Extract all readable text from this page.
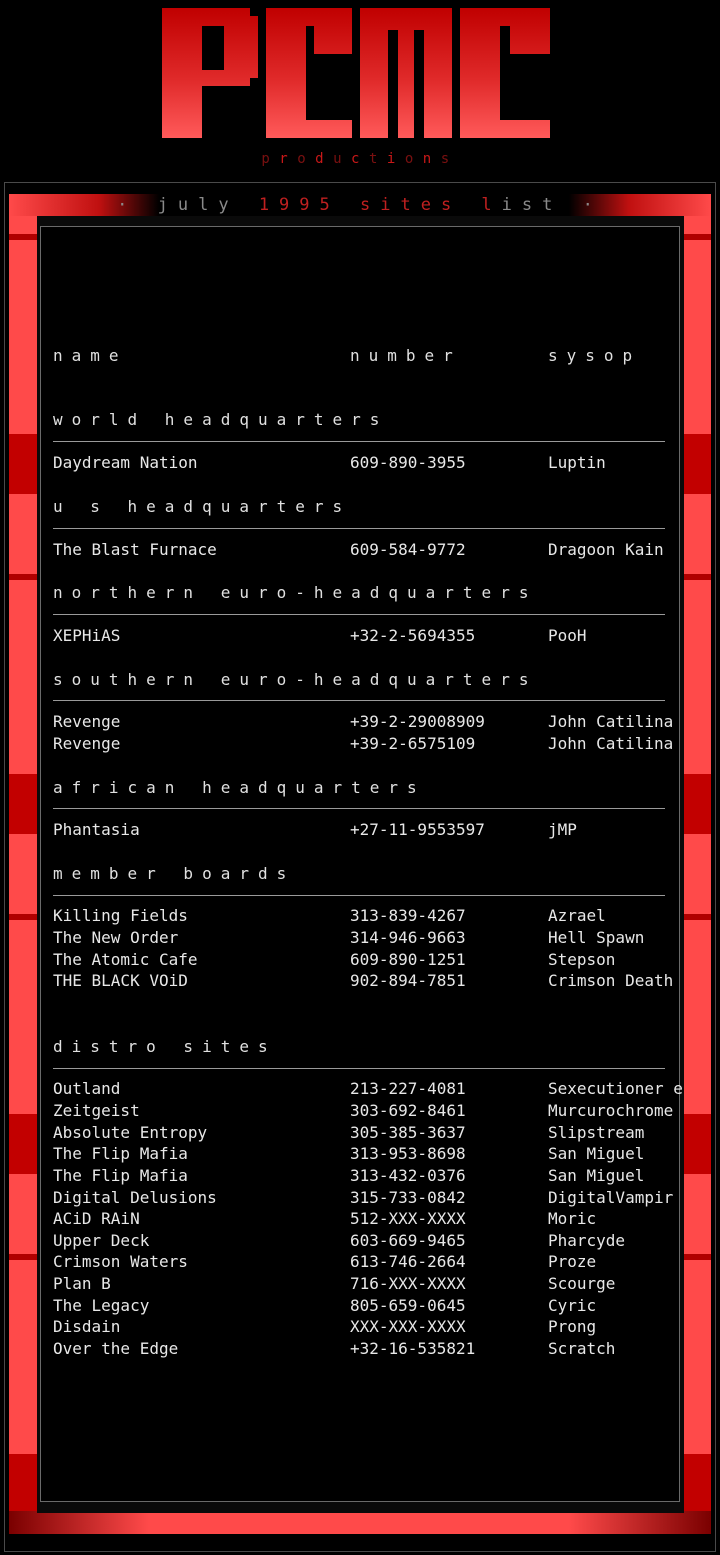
productions
· july 1995 sites list ·
name	number	sysop
world headquarters
Daydream Nation	609-890-3955	Luptin
u s headquarters
The Blast Furnace	609-584-9772	Dragoon Kain
northern euro-headquarters
XEPHiAS	+32-2-5694355	PooH
southern euro-headquarters
Revenge	+39-2-29008909	John Catilina
Revenge	+39-2-6575109	John Catilina
african headquarters
Phantasia	+27-11-9553597	jMP
member boards
Killing Fields	313-839-4267	Azrael
The New Order	314-946-9663	Hell Spawn
The Atomic Cafe	609-890-1251	Stepson
THE BLACK VOiD	902-894-7851	Crimson Death
distro sites
Outland	213-227-4081	Sexecutioner e
Zeitgeist	303-692-8461	Murcurochrome
Absolute Entropy	305-385-3637	Slipstream
The Flip Mafia	313-953-8698	San Miguel
The Flip Mafia	313-432-0376	San Miguel
Digital Delusions	315-733-0842	DigitalVampir
ACiD RAiN	512-XXX-XXXX	Moric
Upper Deck	603-669-9465	Pharcyde
Crimson Waters	613-746-2664	Proze
Plan B	716-XXX-XXXX	Scourge
The Legacy	805-659-0645	Cyric
Disdain	XXX-XXX-XXXX	Prong
Over the Edge	+32-16-535821	Scratch
